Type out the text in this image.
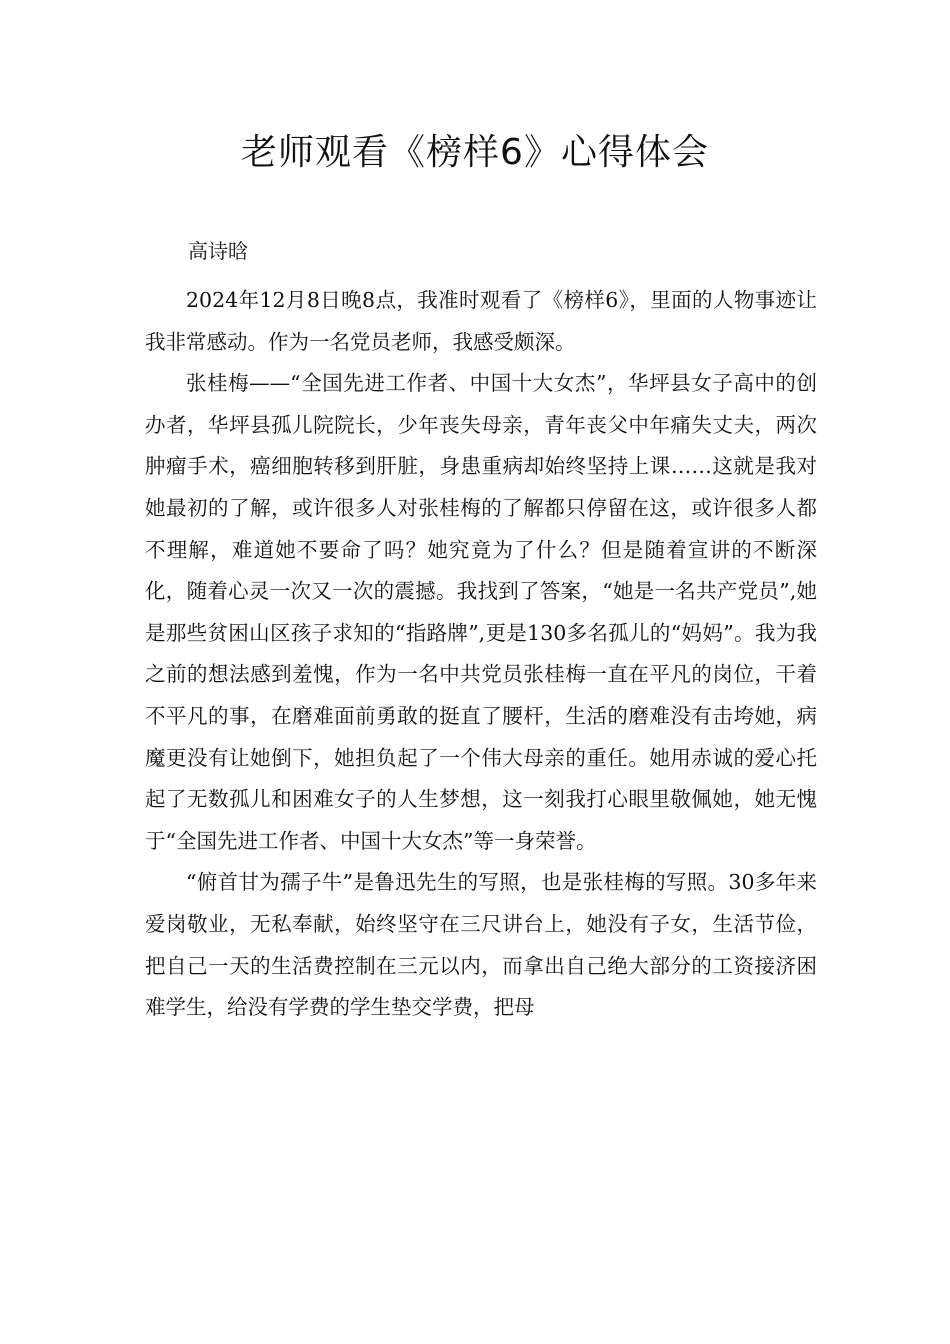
老师观看《榜样6》心得体会
高诗晗

2024年12月8日晚8点，我准时观看了《榜样6》，里面的人物事迹让我非常感动。作为一名党员老师，我感受颇深。

张桂梅——“全国先进工作者、中国十大女杰”，华坪县女子高中的创办者，华坪县孤儿院院长，少年丧失母亲，青年丧父中年痛失丈夫，两次肿瘤手术，癌细胞转移到肝脏，身患重病却始终坚持上课……这就是我对她最初的了解，或许很多人对张桂梅的了解都只停留在这，或许很多人都不理解，难道她不要命了吗？她究竟为了什么？但是随着宣讲的不断深化，随着心灵一次又一次的震撼。我找到了答案，“她是一名共产党员”,她是那些贫困山区孩子求知的“指路牌”,更是130多名孤儿的“妈妈”。我为我之前的想法感到羞愧，作为一名中共党员张桂梅一直在平凡的岗位，干着不平凡的事，在磨难面前勇敢的挺直了腰杆，生活的磨难没有击垮她，病魔更没有让她倒下，她担负起了一个伟大母亲的重任。她用赤诚的爱心托起了无数孤儿和困难女子的人生梦想，这一刻我打心眼里敬佩她，她无愧于“全国先进工作者、中国十大女杰”等一身荣誉。

“俯首甘为孺子牛”是鲁迅先生的写照，也是张桂梅的写照。30多年来爱岗敬业，无私奉献，始终坚守在三尺讲台上，她没有子女，生活节俭，把自己一天的生活费控制在三元以内，而拿出自己绝大部分的工资接济困难学生，给没有学费的学生垫交学费，把母
